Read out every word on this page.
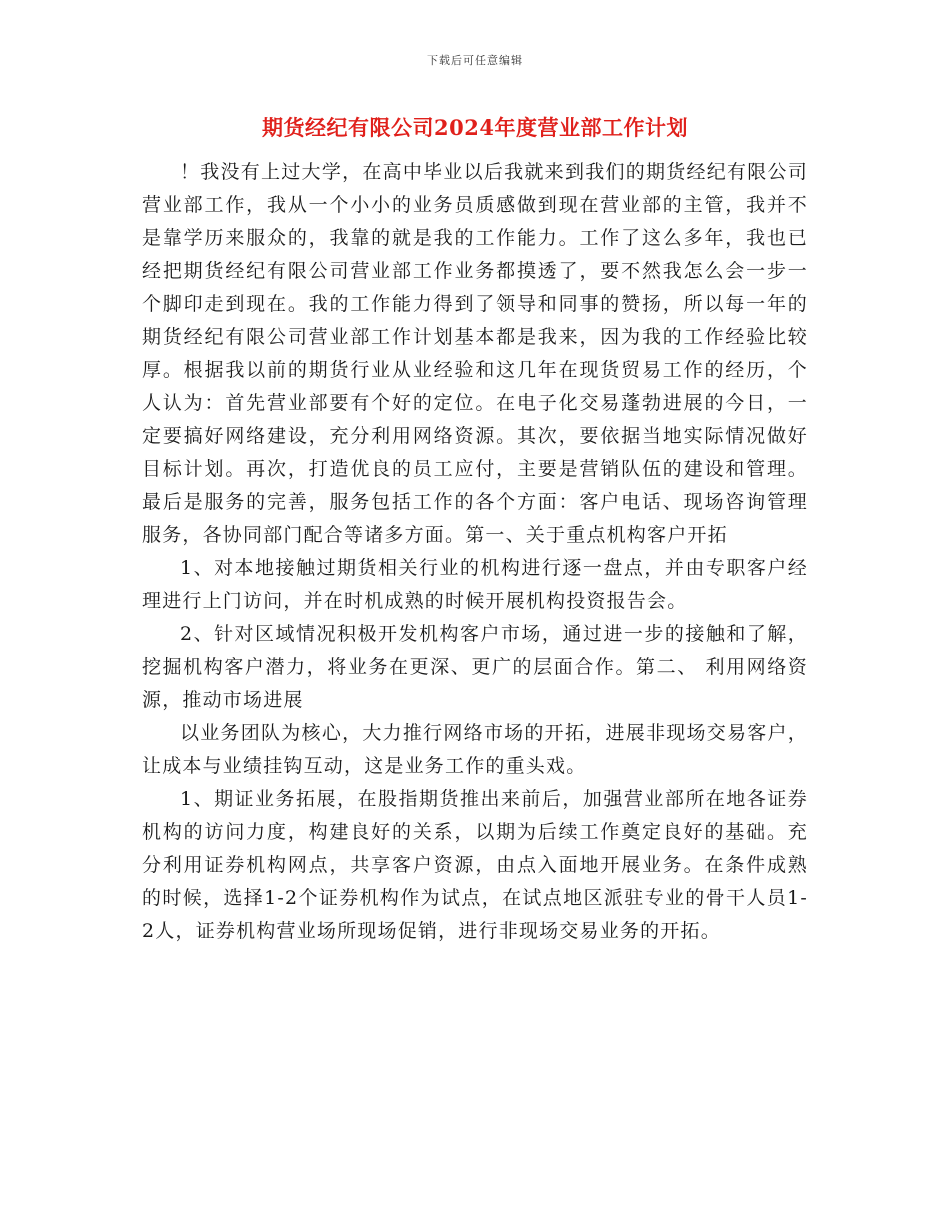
下载后可任意编辑
期货经纪有限公司2024年度营业部工作计划

！我没有上过大学，在高中毕业以后我就来到我们的期货经纪有限公司营业部工作，我从一个小小的业务员质感做到现在营业部的主管，我并不是靠学历来服众的，我靠的就是我的工作能力。工作了这么多年，我也已经把期货经纪有限公司营业部工作业务都摸透了，要不然我怎么会一步一个脚印走到现在。我的工作能力得到了领导和同事的赞扬，所以每一年的期货经纪有限公司营业部工作计划基本都是我来，因为我的工作经验比较厚。根据我以前的期货行业从业经验和这几年在现货贸易工作的经历，个人认为：首先营业部要有个好的定位。在电子化交易蓬勃进展的今日，一定要搞好网络建设，充分利用网络资源。其次，要依据当地实际情况做好目标计划。再次，打造优良的员工应付，主要是营销队伍的建设和管理。最后是服务的完善，服务包括工作的各个方面：客户电话、现场咨询管理服务，各协同部门配合等诸多方面。第一、关于重点机构客户开拓

1、对本地接触过期货相关行业的机构进行逐一盘点，并由专职客户经理进行上门访问，并在时机成熟的时候开展机构投资报告会。

2、针对区域情况积极开发机构客户市场，通过进一步的接触和了解，挖掘机构客户潜力，将业务在更深、更广的层面合作。第二、 利用网络资源，推动市场进展

以业务团队为核心，大力推行网络市场的开拓，进展非现场交易客户，让成本与业绩挂钩互动，这是业务工作的重头戏。

1、期证业务拓展，在股指期货推出来前后，加强营业部所在地各证券机构的访问力度，构建良好的关系，以期为后续工作奠定良好的基础。充分利用证券机构网点，共享客户资源，由点入面地开展业务。在条件成熟的时候，选择1-2个证券机构作为试点，在试点地区派驻专业的骨干人员1-2人，证券机构营业场所现场促销，进行非现场交易业务的开拓。
